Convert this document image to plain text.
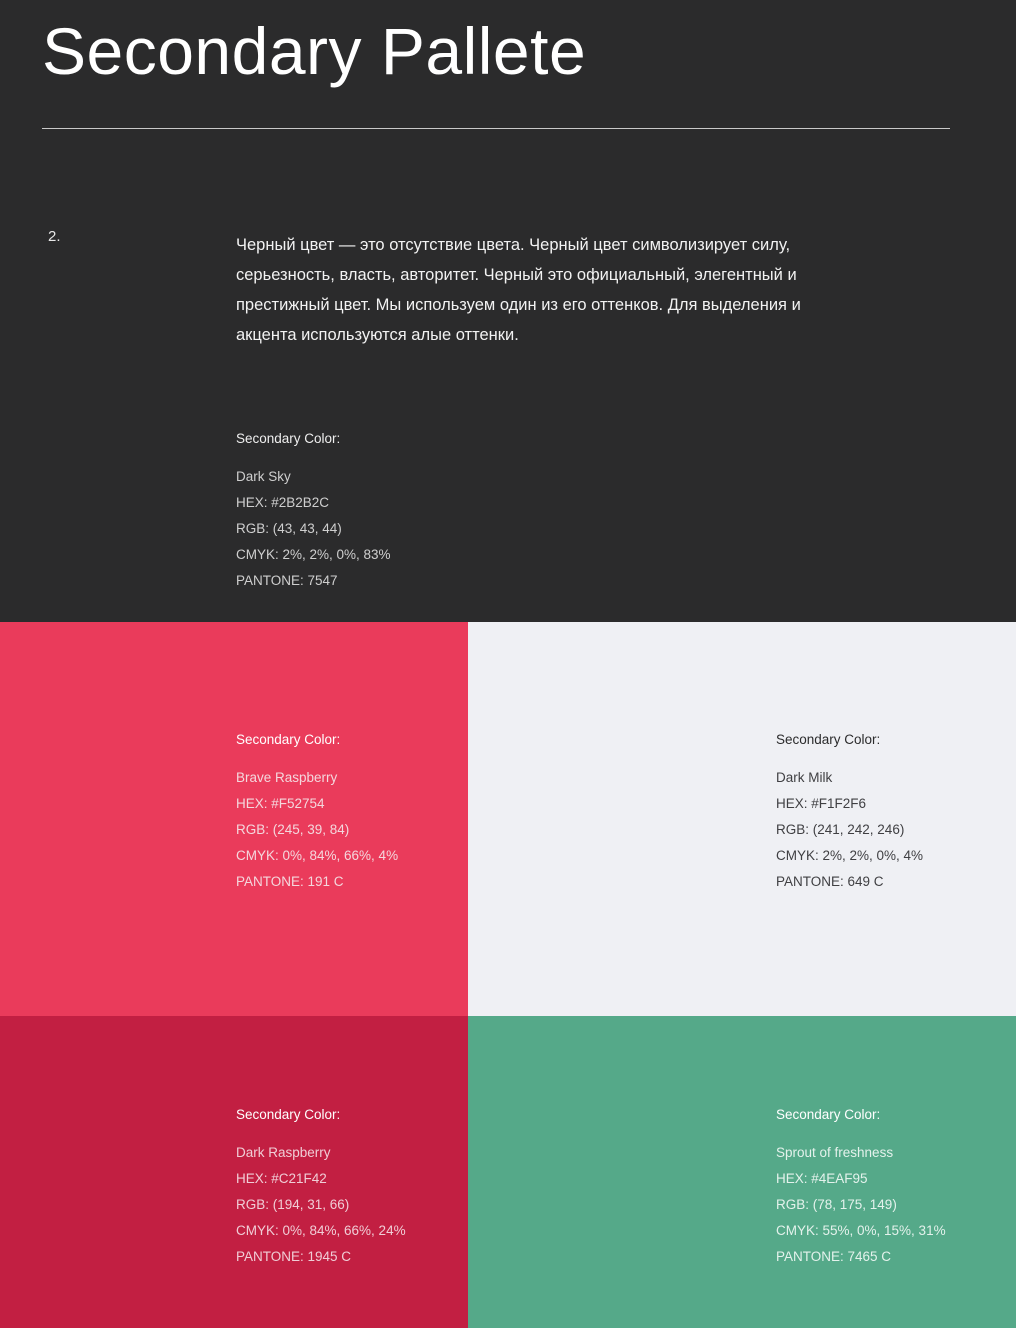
Secondary Pallete
2.	Черный цвет — это отсутствие цвета. Черный цвет символизирует силу, серьезность, власть, авторитет. Черный это официальный, элегентный и престижный цвет. Мы используем один из его оттенков. Для выделения и акцента используются алые оттенки.

Secondary Color:

Dark Sky

HEX: #2B2B2C

RGB: (43, 43, 44)

CMYK: 2%, 2%, 0%, 83%

PANTONE: 7547

Secondary Color:

Brave Raspberry

HEX: #F52754

RGB: (245, 39, 84)

CMYK: 0%, 84%, 66%, 4%

PANTONE: 191 C

Secondary Color:

Dark Milk

HEX: #F1F2F6

RGB: (241, 242, 246)

CMYK: 2%, 2%, 0%, 4%

PANTONE: 649 C

Secondary Color:

Dark Raspberry

HEX: #C21F42

RGB: (194, 31, 66)

CMYK: 0%, 84%, 66%, 24%

PANTONE: 1945 C

Secondary Color:

Sprout of freshness

HEX: #4EAF95

RGB: (78, 175, 149)

CMYK: 55%, 0%, 15%, 31%

PANTONE: 7465 C
